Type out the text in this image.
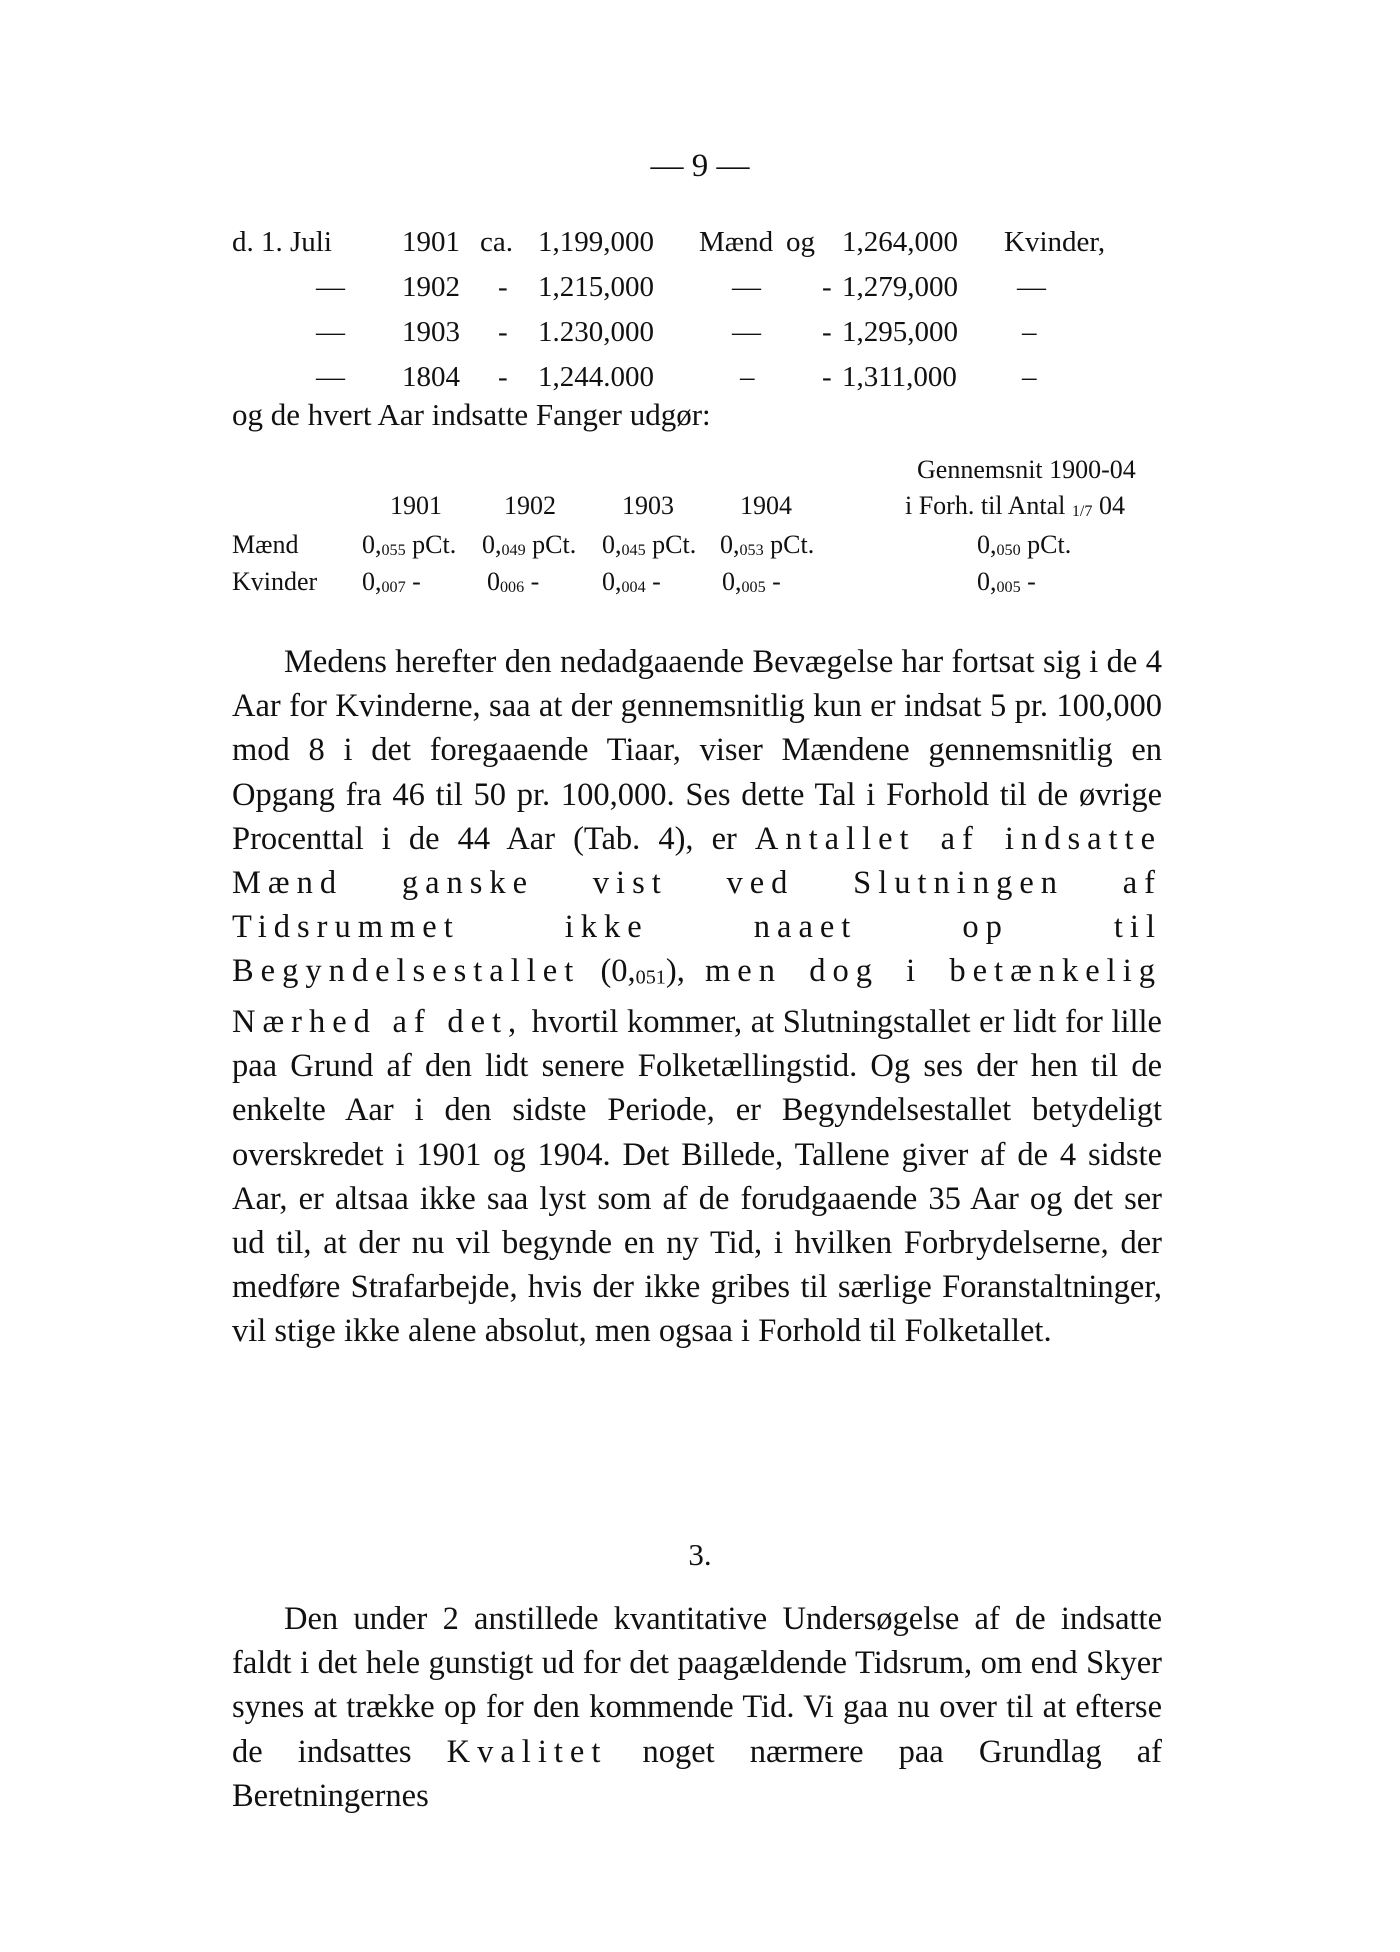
— 9 —
d. 1. Juli 1901 ca. 1,199,000 Mænd og 1,264,000 Kvinder,
— 1902 - 1,215,000	— - 1,279,000 —
— 1903 - 1.230,000	— - 1,295,000 –
— 1804 - 1,244.000	– - 1,311,000 –
og de hvert Aar indsatte Fanger udgør:
Gennemsnit 1900-04
i Forh. til Antal $_{1/7}$ 04
1901 1902	1903	1904
Mænd $0,_{055}$ pCt. $0,_{049}$ pCt. $0,_{045}$ pCt. $0,_{053}$ pCt.	$0,_{050}$ pCt.
Kvinder $0,_{007}$ -	$0_{006} - 0,_{004} - 0,_{005}$ -	$0,_{005}$ -

Medens herefter den nedadgaaende Bevægelse har fortsat sig i de 4 Aar for Kvinderne, saa at der gennemsnitlig kun er indsat 5 pr. 100,000 mod 8 i det foregaaende Tiaar, viser Mændene gennemsnitlig en Opgang fra 46 til 50 pr. 100,000. Ses dette Tal i Forhold til de øvrige Procenttal i de 44 Aar (Tab. 4), er Antallet af indsatte Mænd ganske vist ved Slutningen af Tidsrummet ikke naaet op til Begyndelsestallet $(0,_{051})$, men dog i betænkelig Nærhed af det, hvortil kommer, at Slutningstallet er lidt for lille paa Grund af den lidt senere Folketællingstid. Og ses der hen til de enkelte Aar i den sidste Periode, er Begyndelsestallet betydeligt overskredet i 1901 og 1904. Det Billede, Tallene giver af de 4 sidste Aar, er altsaa ikke saa lyst som af de forudgaaende 35 Aar og det ser ud til, at der nu vil begynde en ny Tid, i hvilken Forbrydelserne, der medføre Strafarbejde, hvis der ikke gribes til særlige Foranstaltninger, vil stige ikke alene absolut, men ogsaa i Forhold til Folketallet.

3.

Den under 2 anstillede kvantitative Undersøgelse af de indsatte faldt i det hele gunstigt ud for det paagældende Tidsrum, om end Skyer synes at trække op for den kommende Tid. Vi gaa nu over til at efterse de indsattes Kvalitet noget nærmere paa Grundlag af Beretningernes
